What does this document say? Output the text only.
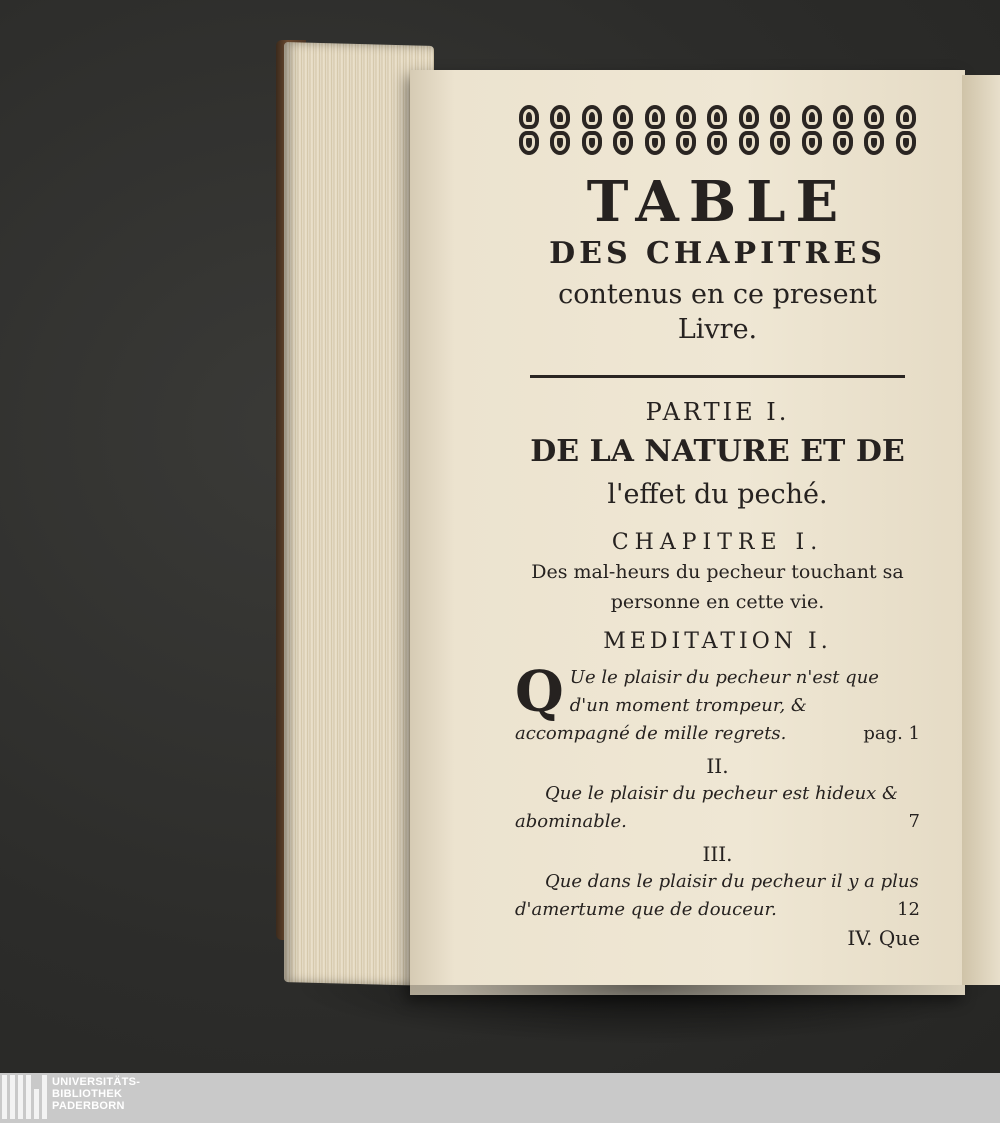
TABLE
DES CHAPITRES
contenus en ce present
Livre.
PARTIE I.
DE LA NATURE ET DE
l'effet du peché.
CHAPITRE I.
Des mal-heurs du pecheur touchant sa
personne en cette vie.
MEDITATION I.
Q Ue le plaisir du pecheur n'est que d'un moment trompeur, & accompagné de mille regrets.	pag. 1
II.
Que le plaisir du pecheur est hideux & abominable.	7
III.
Que dans le plaisir du pecheur il y a plus d'amertume que de douceur.	12
IV. Que
UNIVERSITÄTS-
BIBLIOTHEK
PADERBORN
